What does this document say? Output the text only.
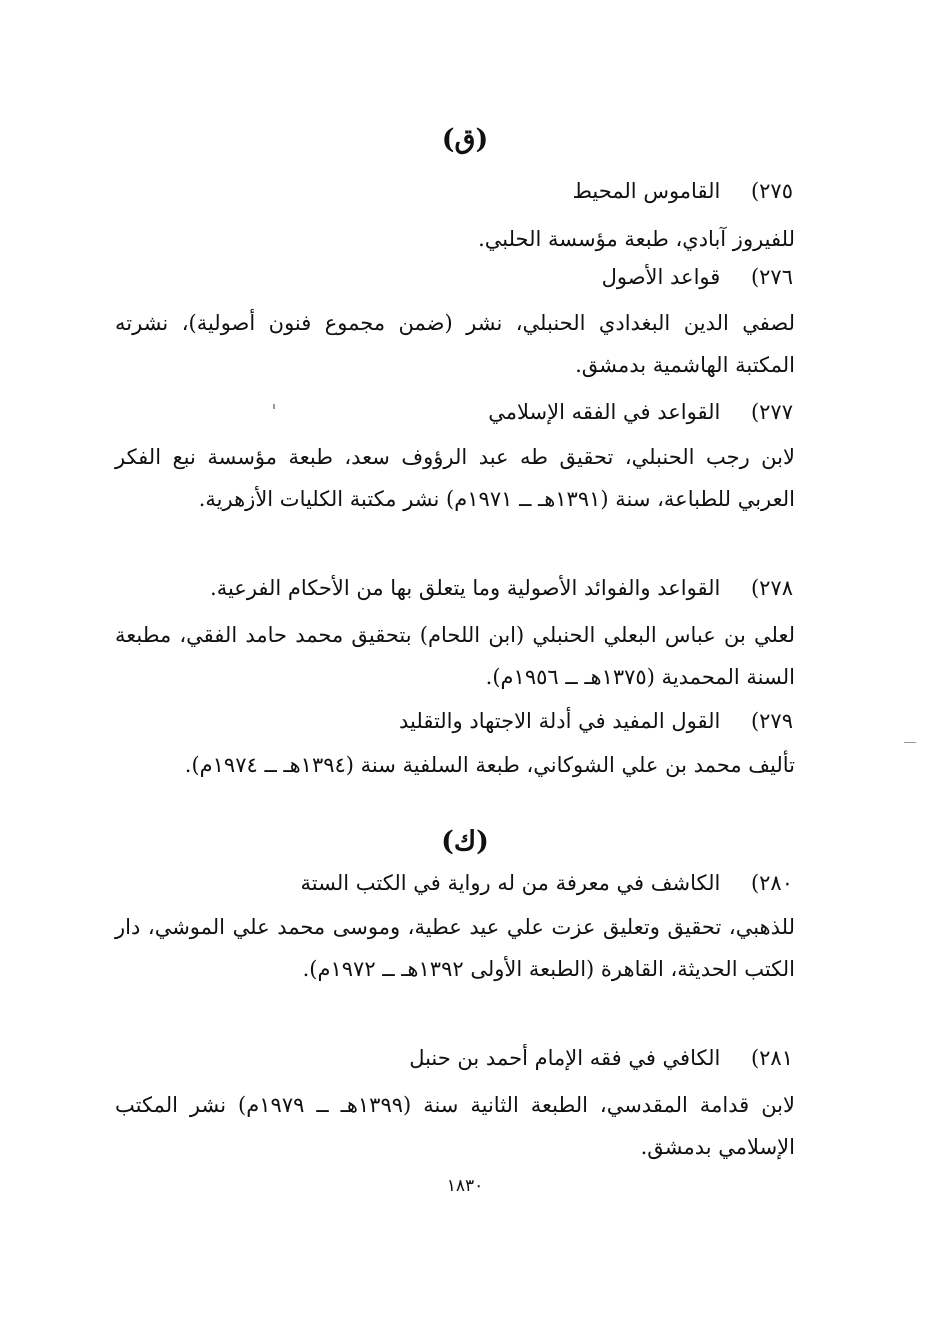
(ق)
٢٧٥) القاموس المحيط
للفيروز آبادي، طبعة مؤسسة الحلبي.
٢٧٦) قواعد الأصول
لصفي الدين البغدادي الحنبلي، نشر (ضمن مجموع فنون أصولية)، نشرته المكتبة الهاشمية بدمشق.
٢٧٧) القواعد في الفقه الإسلامي
لابن رجب الحنبلي، تحقيق طه عبد الرؤوف سعد، طبعة مؤسسة نبع الفكر العربي للطباعة، سنة (١٣٩١هـ ــ ١٩٧١م) نشر مكتبة الكليات الأزهرية.
٢٧٨) القواعد والفوائد الأصولية وما يتعلق بها من الأحكام الفرعية.
لعلي بن عباس البعلي الحنبلي (ابن اللحام) بتحقيق محمد حامد الفقي، مطبعة السنة المحمدية (١٣٧٥هـ ــ ١٩٥٦م).
٢٧٩) القول المفيد في أدلة الاجتهاد والتقليد
تأليف محمد بن علي الشوكاني، طبعة السلفية سنة (١٣٩٤هـ ــ ١٩٧٤م).
(ك)
٢٨٠) الكاشف في معرفة من له رواية في الكتب الستة
للذهبي، تحقيق وتعليق عزت علي عيد عطية، وموسى محمد علي الموشي، دار الكتب الحديثة، القاهرة (الطبعة الأولى ١٣٩٢هـ ــ ١٩٧٢م).
٢٨١) الكافي في فقه الإمام أحمد بن حنبل
لابن قدامة المقدسي، الطبعة الثانية سنة (١٣٩٩هـ ــ ١٩٧٩م) نشر المكتب الإسلامي بدمشق.
١٨٣٠
